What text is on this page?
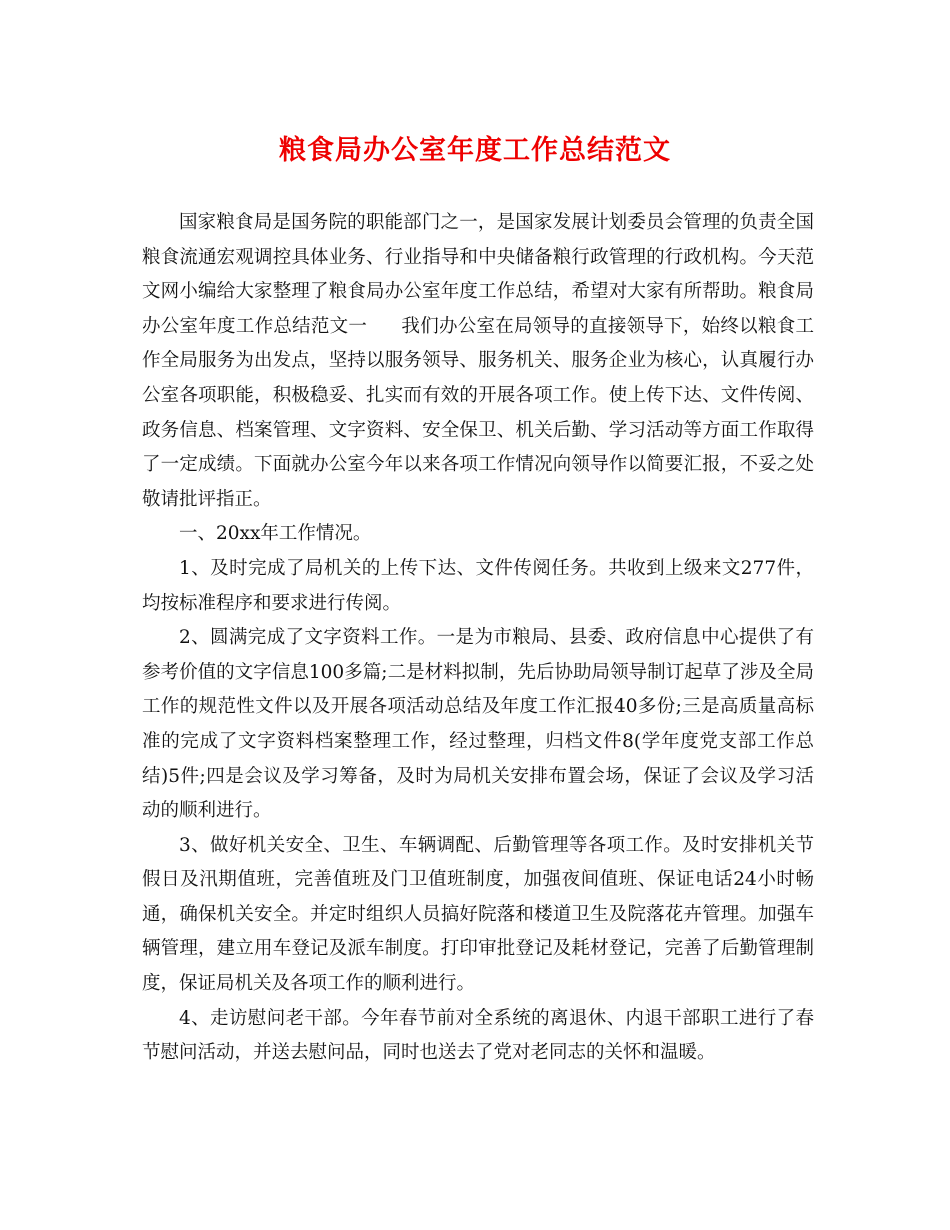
粮食局办公室年度工作总结范文

国家粮食局是国务院的职能部门之一，是国家发展计划委员会管理的负责全国粮食流通宏观调控具体业务、行业指导和中央储备粮行政管理的行政机构。今天范文网小编给大家整理了粮食局办公室年度工作总结，希望对大家有所帮助。粮食局办公室年度工作总结范文一 我们办公室在局领导的直接领导下，始终以粮食工作全局服务为出发点，坚持以服务领导、服务机关、服务企业为核心，认真履行办公室各项职能，积极稳妥、扎实而有效的开展各项工作。使上传下达、文件传阅、政务信息、档案管理、文字资料、安全保卫、机关后勤、学习活动等方面工作取得了一定成绩。下面就办公室今年以来各项工作情况向领导作以简要汇报，不妥之处敬请批评指正。

一、20xx年工作情况。

1、及时完成了局机关的上传下达、文件传阅任务。共收到上级来文277件，均按标准程序和要求进行传阅。

2、圆满完成了文字资料工作。一是为市粮局、县委、政府信息中心提供了有参考价值的文字信息100多篇;二是材料拟制，先后协助局领导制订起草了涉及全局工作的规范性文件以及开展各项活动总结及年度工作汇报40多份;三是高质量高标准的完成了文字资料档案整理工作，经过整理，归档文件8(学年度党支部工作总结)5件;四是会议及学习筹备，及时为局机关安排布置会场，保证了会议及学习活动的顺利进行。

3、做好机关安全、卫生、车辆调配、后勤管理等各项工作。及时安排机关节假日及汛期值班，完善值班及门卫值班制度，加强夜间值班、保证电话24小时畅通，确保机关安全。并定时组织人员搞好院落和楼道卫生及院落花卉管理。加强车辆管理，建立用车登记及派车制度。打印审批登记及耗材登记，完善了后勤管理制度，保证局机关及各项工作的顺利进行。

4、走访慰问老干部。今年春节前对全系统的离退休、内退干部职工进行了春节慰问活动，并送去慰问品，同时也送去了党对老同志的关怀和温暖。
